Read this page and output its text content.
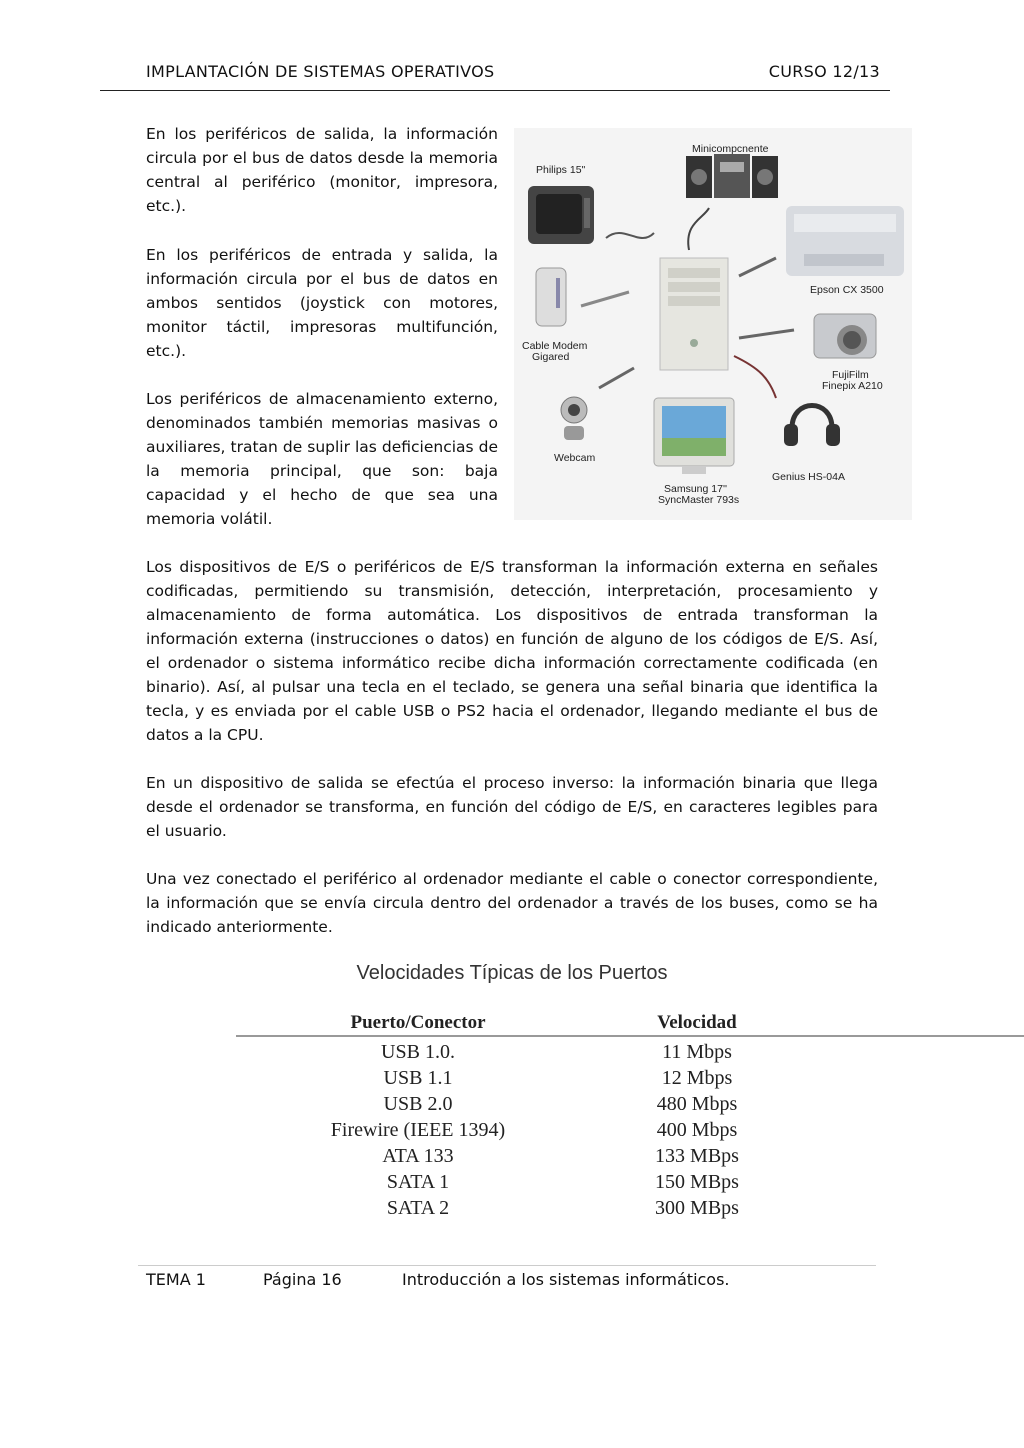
IMPLANTACIÓN DE SISTEMAS OPERATIVOS	CURSO 12/13

En los periféricos de salida, la información circula por el bus de datos desde la memoria central al periférico (monitor, impresora, etc.).

En los periféricos de entrada y salida, la información circula por el bus de datos en ambos sentidos (joystick con motores, monitor táctil, impresoras multifunción, etc.).

Los periféricos de almacenamiento externo, denominados también memorias masivas o auxiliares, tratan de suplir las deficiencias de la memoria principal, que son: baja capacidad y el hecho de que sea una memoria volátil.

Minicompcnente
Philips 15"
Epson CX 3500
Cable Modem
Gigared
FujiFilm
Finepix A210
Webcam
Samsung 17''
SyncMaster 793s
Genius HS-04A

Los dispositivos de E/S o periféricos de E/S transforman la información externa en señales codificadas, permitiendo su transmisión, detección, interpretación, procesamiento y almacenamiento de forma automática. Los dispositivos de entrada transforman la información externa (instrucciones o datos) en función de alguno de los códigos de E/S. Así, el ordenador o sistema informático recibe dicha información correctamente codificada (en binario). Así, al pulsar una tecla en el teclado, se genera una señal binaria que identifica la tecla, y es enviada por el cable USB o PS2 hacia el ordenador, llegando mediante el bus de datos a la CPU.

En un dispositivo de salida se efectúa el proceso inverso: la información binaria que llega desde el ordenador se transforma, en función del código de E/S, en caracteres legibles para el usuario.

Una vez conectado el periférico al ordenador mediante el cable o conector correspondiente, la información que se envía circula dentro del ordenador a través de los buses, como se ha indicado anteriormente.

Velocidades Típicas de los Puertos
Puerto/Conector	Velocidad
USB 1.0.	11 Mbps
USB 1.1	12 Mbps
USB 2.0	480 Mbps
Firewire (IEEE 1394)	400 Mbps
ATA 133	133 MBps
SATA 1	150 MBps
SATA 2	300 MBps
TEMA 1	Página 16	Introducción a los sistemas informáticos.
